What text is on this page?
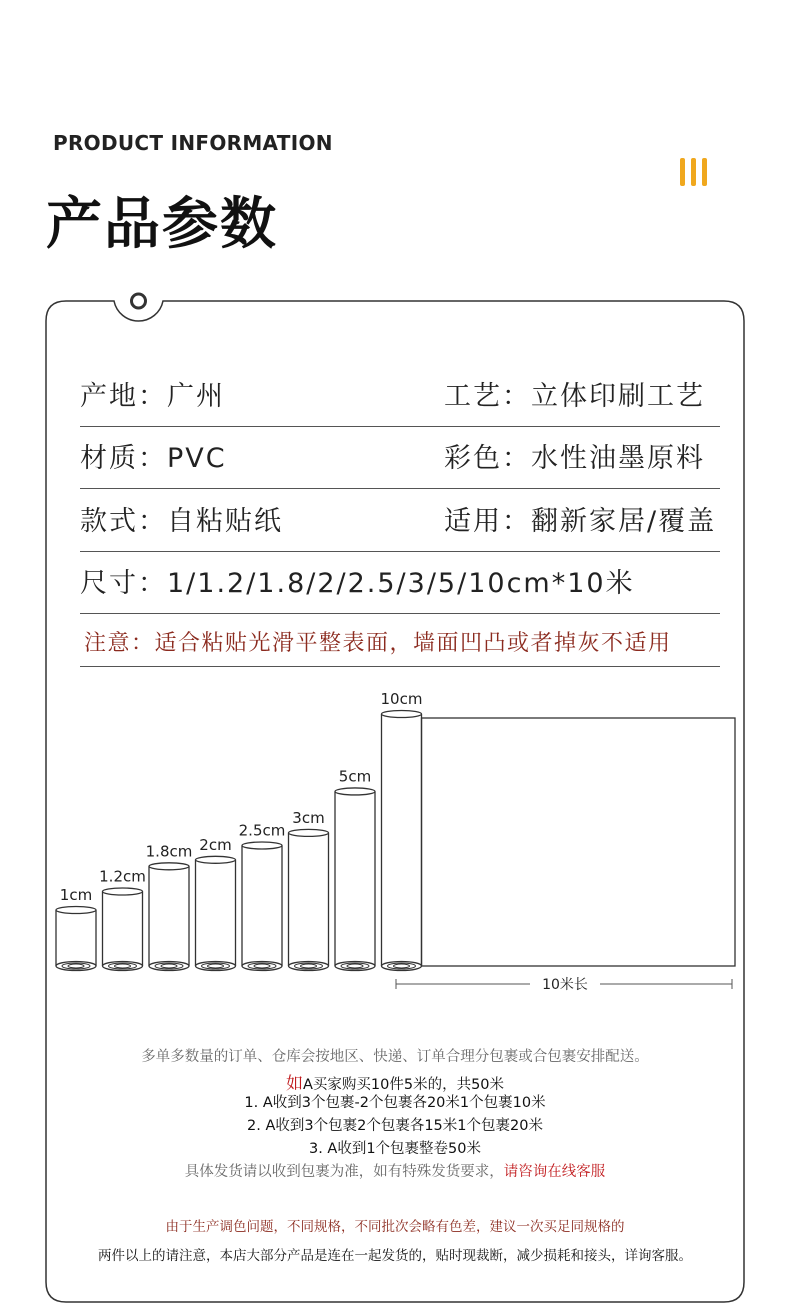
PRODUCT INFORMATION
产品参数
产地：广州	工艺：立体印刷工艺
材质：PVC	彩色：水性油墨原料
款式：自粘贴纸	适用：翻新家居/覆盖
尺寸：1/1.2/1.8/2/2.5/3/5/10cm*10米
注意：适合粘贴光滑平整表面，墙面凹凸或者掉灰不适用
1cm
1.2cm
1.8cm 2cm
2.5cm
3cm
5cm
10cm
10米长
多单多数量的订单、仓库会按地区、快递、订单合理分包裹或合包裹安排配送。
如A买家购买10件5米的，共50米
1. A收到3个包裹-2个包裹各20米1个包裹10米
2. A收到3个包裹2个包裹各15米1个包裹20米
3. A收到1个包裹整卷50米
具体发货请以收到包裹为准，如有特殊发货要求，请咨询在线客服
由于生产调色问题，不同规格，不同批次会略有色差，建议一次买足同规格的
两件以上的请注意，本店大部分产品是连在一起发货的，贴时现裁断，减少损耗和接头，详询客服。
